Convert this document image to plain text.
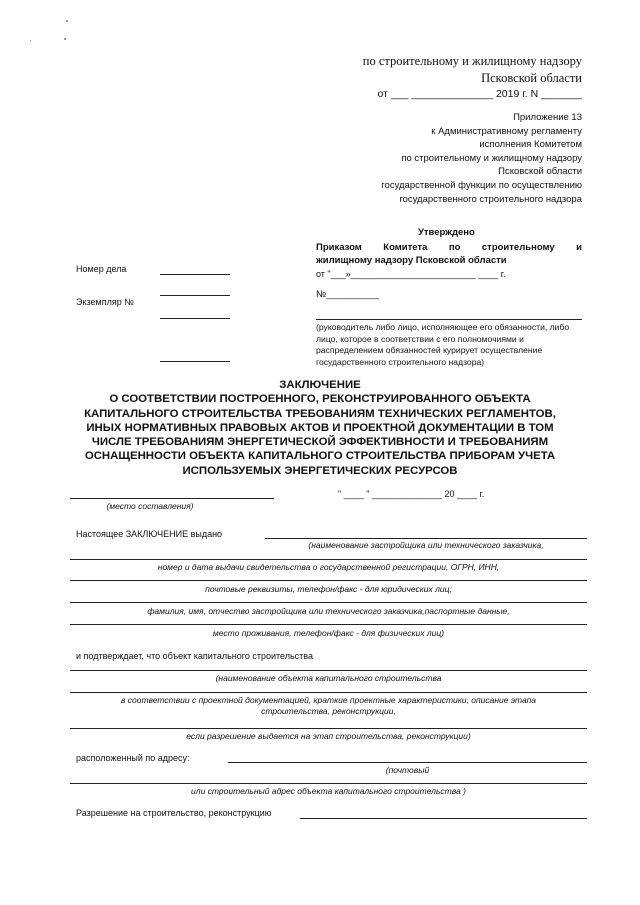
по строительному и жилищному надзору
Псковской области
от ___ ______________ 2019 г. N _______
Приложение 13
к Административному регламенту
исполнения Комитетом
по строительному и жилищному надзору
Псковской области
государственной функции по осуществлению
государственного строительного надзора
Утверждено
Приказом Комитета по строительному и
жилищному надзору Псковской области
от "___»_________________________ ____ г.
№__________
(руководитель либо лицо, исполняющее его обязанности, либо лицо, которое в соответствии с его полномочиями и распределением обязанностей курирует осуществление государственного строительного надзора)
Номер дела
Экземпляр №
ЗАКЛЮЧЕНИЕ
О СООТВЕТСТВИИ ПОСТРОЕННОГО, РЕКОНСТРУИРОВАННОГО ОБЪЕКТА
КАПИТАЛЬНОГО СТРОИТЕЛЬСТВА ТРЕБОВАНИЯМ ТЕХНИЧЕСКИХ РЕГЛАМЕНТОВ,
ИНЫХ НОРМАТИВНЫХ ПРАВОВЫХ АКТОВ И ПРОЕКТНОЙ ДОКУМЕНТАЦИИ В ТОМ
ЧИСЛЕ ТРЕБОВАНИЯМ ЭНЕРГЕТИЧЕСКОЙ ЭФФЕКТИВНОСТИ И ТРЕБОВАНИЯМ
ОСНАЩЕННОСТИ ОБЪЕКТА КАПИТАЛЬНОГО СТРОИТЕЛЬСТВА ПРИБОРАМ УЧЕТА
ИСПОЛЬЗУЕМЫХ ЭНЕРГЕТИЧЕСКИХ РЕСУРСОВ
(место составления)
" ____ " ______________ 20 ____ г.
Настоящее ЗАКЛЮЧЕНИЕ выдано
(наименование застройщика или технического заказчика,
номер и дата выдачи свидетельства о государственной регистрации, ОГРН, ИНН,
почтовые реквизиты, телефон/факс - для юридических лиц;
фамилия, имя, отчество застройщика или технического заказчика,паспортные данные,
место проживания, телефон/факс - для физических лиц)
и подтверждает, что объект капитального строительства
(наименование объекта капитального строительства
в соответствии с проектной документацией, краткие проектные характеристики, описание этапа
строительства, реконструкции,
если разрешение выдается на этап строительства, реконструкции)
расположенный по адресу:
(почтовый
или строительный адрес объекта капитального строительства )
Разрешение на строительство, реконструкцию
